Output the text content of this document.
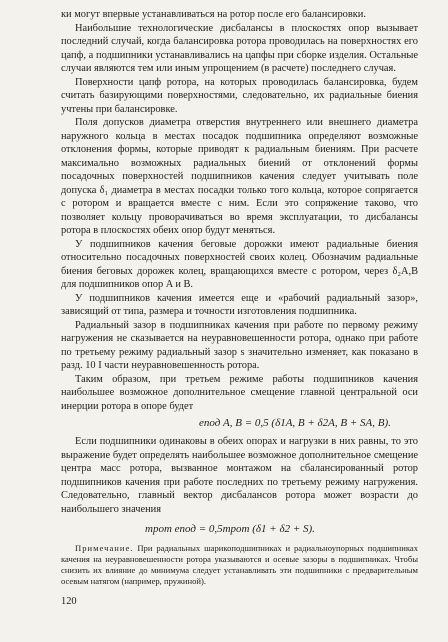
ки могут впервые устанавливаться на ротор после его балансировки.

Наибольшие технологические дисбалансы в плоскостях опор вызывает последний случай, когда балансировка ротора проводилась на поверхностях его цапф, а подшипники устанавливались на цапфы при сборке изделия. Остальные случаи являются тем или иным упрощением (в расчете) последнего случая.

Поверхности цапф ротора, на которых проводилась балансировка, будем считать базирующими поверхностями, следовательно, их радиальные биения учтены при балансировке.

Поля допусков диаметра отверстия внутреннего или внешнего диаметра наружного кольца в местах посадок подшипника определяют возможные отклонения формы, которые приводят к радиальным биениям. При расчете максимально возможных радиальных биений от отклонений формы посадочных поверхностей подшипников качения следует учитывать поле допуска δ₁ диаметра в местах посадки только того кольца, которое сопрягается с ротором и вращается вместе с ним. Если это сопряжение таково, что позволяет кольцу проворачиваться во время эксплуатации, то дисбалансы ротора в плоскостях обеих опор будут меняться.

У подшипников качения беговые дорожки имеют радиальные биения относительно посадочных поверхностей своих колец. Обозначим радиальные биения беговых дорожек колец, вращающихся вместе с ротором, через δ₂A,B для подшипников опор A и B.

У подшипников качения имеется еще и «рабочий радиальный зазор», зависящий от типа, размера и точности изготовления подшипника.

Радиальный зазор в подшипниках качения при работе по первому режиму нагружения не сказывается на неуравновешенности ротора, однако при работе по третьему режиму радиальный зазор s значительно изменяет, как показано в разд. 10 I части неуравновешенность ротора.

Таким образом, при третьем режиме работы подшипников качения наибольшее возможное дополнительное смещение главной центральной оси инерции ротора в опоре будет

eпод A, B = 0,5 (δ1A, B + δ2A, B + SA, B).

Если подшипники одинаковы в обеих опорах и нагрузки в них равны, то это выражение будет определять наибольшее возможное дополнительное смещение центра масс ротора, вызванное монтажом на сбалансированный ротор подшипников качения при работе последних по третьему режиму нагружения. Следовательно, главный вектор дисбалансов ротора может возрасти до наибольшего значения

mрот eпод = 0,5mрот (δ1 + δ2 + S).

Примечание. При радиальных шарикоподшипниках и радиальноупорных подшипниках качения на неуравновешенности ротора указываются и осевые зазоры в подшипниках. Чтобы снизить их влияние до минимума следует устанавливать эти подшипники с предварительным осевым натягом (например, пружиной).

120
